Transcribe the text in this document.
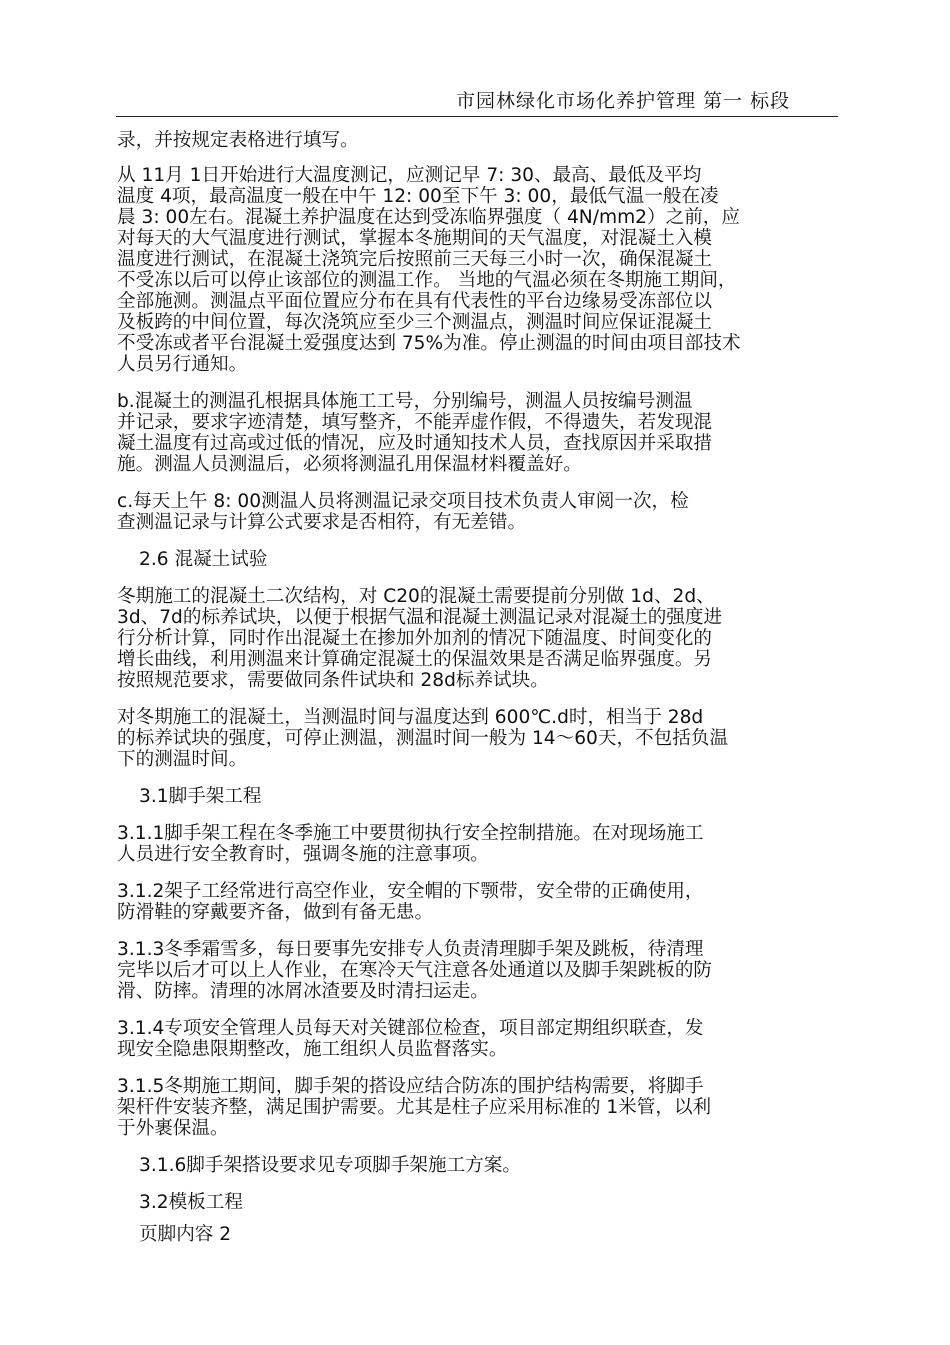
市园林绿化市场化养护管理 第一 标段

录，并按规定表格进行填写。

从 11月 1日开始进行大温度测记，应测记早 7: 30、最高、最低及平均
温度 4项，最高温度一般在中午 12: 00至下午 3: 00，最低气温一般在凌
晨 3: 00左右。混凝土养护温度在达到受冻临界强度（ 4N/mm2）之前，应
对每天的大气温度进行测试，掌握本冬施期间的天气温度，对混凝土入模
温度进行测试，在混凝土浇筑完后按照前三天每三小时一次，确保混凝土
不受冻以后可以停止该部位的测温工作。 当地的气温必须在冬期施工期间，
全部施测。测温点平面位置应分布在具有代表性的平台边缘易受冻部位以
及板跨的中间位置，每次浇筑应至少三个测温点，测温时间应保证混凝土
不受冻或者平台混凝土爱强度达到 75%为准。停止测温的时间由项目部技术
人员另行通知。

b.混凝土的测温孔根据具体施工工号，分别编号，测温人员按编号测温
并记录，要求字迹清楚，填写整齐，不能弄虚作假，不得遗失，若发现混
凝土温度有过高或过低的情况，应及时通知技术人员，查找原因并采取措
施。测温人员测温后，必须将测温孔用保温材料覆盖好。

c.每天上午 8: 00测温人员将测温记录交项目技术负责人审阅一次，检
查测温记录与计算公式要求是否相符，有无差错。

2.6 混凝土试验

冬期施工的混凝土二次结构，对 C20的混凝土需要提前分别做 1d、2d、
3d、7d的标养试块，以便于根据气温和混凝土测温记录对混凝土的强度进
行分析计算，同时作出混凝土在掺加外加剂的情况下随温度、时间变化的
增长曲线，利用测温来计算确定混凝土的保温效果是否满足临界强度。另
按照规范要求，需要做同条件试块和 28d标养试块。

对冬期施工的混凝土，当测温时间与温度达到 600℃.d时，相当于 28d
的标养试块的强度，可停止测温，测温时间一般为 14～60天，不包括负温
下的测温时间。

3.1脚手架工程

3.1.1脚手架工程在冬季施工中要贯彻执行安全控制措施。在对现场施工
人员进行安全教育时，强调冬施的注意事项。

3.1.2架子工经常进行高空作业，安全帽的下颚带，安全带的正确使用，
防滑鞋的穿戴要齐备，做到有备无患。

3.1.3冬季霜雪多，每日要事先安排专人负责清理脚手架及跳板，待清理
完毕以后才可以上人作业，在寒冷天气注意各处通道以及脚手架跳板的防
滑、防摔。清理的冰屑冰渣要及时清扫运走。

3.1.4专项安全管理人员每天对关键部位检查，项目部定期组织联查，发
现安全隐患限期整改，施工组织人员监督落实。

3.1.5冬期施工期间，脚手架的搭设应结合防冻的围护结构需要，将脚手
架杆件安装齐整，满足围护需要。尤其是柱子应采用标准的 1米管，以利
于外裹保温。

3.1.6脚手架搭设要求见专项脚手架施工方案。

3.2模板工程

页脚内容 2
